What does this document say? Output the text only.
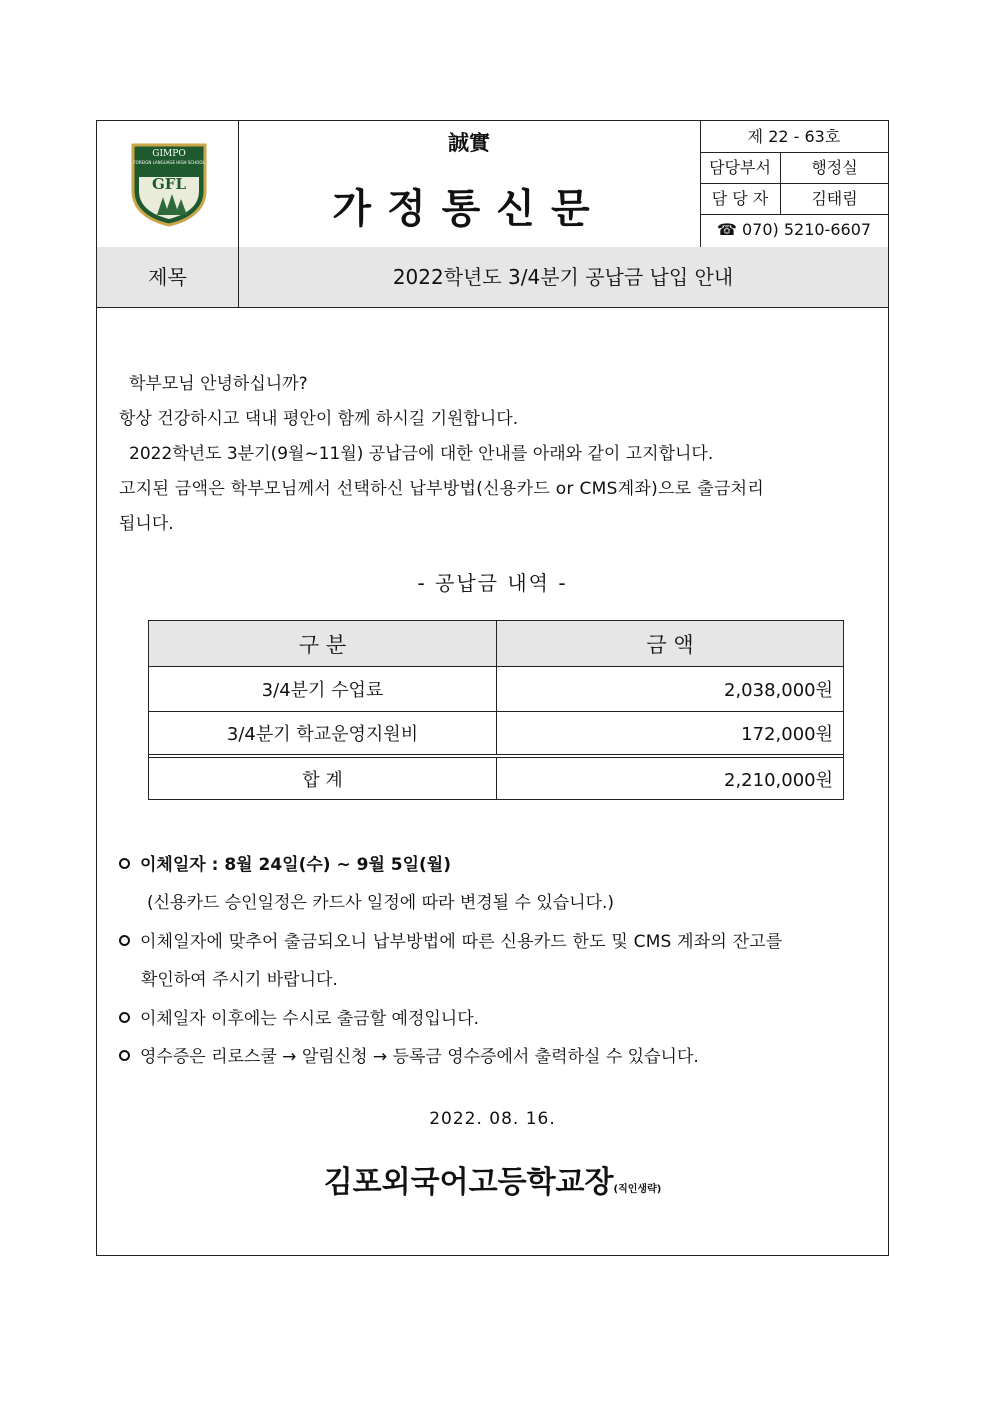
GIMPO
FOREIGN LANGUAGE HIGH SCHOOL
GFL
誠實
가정통신문
제 22 - 63호
담당부서	행정실
담 당 자	김태림
☎ 070) 5210-6607
제목	2022학년도 3/4분기 공납금 납입 안내
학부모님 안녕하십니까?
항상 건강하시고 댁내 평안이 함께 하시길 기원합니다.
2022학년도 3분기(9월~11월) 공납금에 대한 안내를 아래와 같이 고지합니다.
고지된 금액은 학부모님께서 선택하신 납부방법(신용카드 or CMS계좌)으로 출금처리
됩니다.
- 공납금 내역 -
구 분	금 액
3/4분기 수업료	2,038,000원
3/4분기 학교운영지원비	172,000원
합 계	2,210,000원
이체일자 : 8월 24일(수) ~ 9월 5일(월)
(신용카드 승인일정은 카드사 일정에 따라 변경될 수 있습니다.)
이체일자에 맞추어 출금되오니 납부방법에 따른 신용카드 한도 및 CMS 계좌의 잔고를
확인하여 주시기 바랍니다.
이체일자 이후에는 수시로 출금할 예정입니다.
영수증은 리로스쿨 → 알림신청 → 등록금 영수증에서 출력하실 수 있습니다.
2022. 08. 16.
김포외국어고등학교장(직인생략)
